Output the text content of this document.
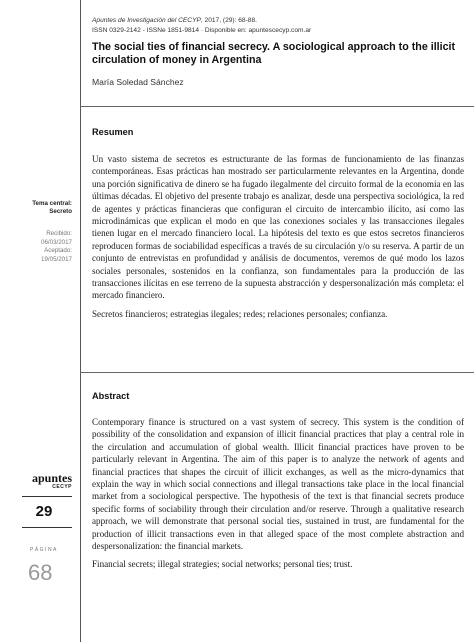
Apuntes de Investigación del CECYP, 2017, (29): 68-88.
ISSN 0329-2142 - ISSNe 1851-9814 · Disponible en: apuntescecyp.com.ar
The social ties of financial secrecy. A sociological approach to the illicit circulation of money in Argentina
María Soledad Sánchez
Resumen

Un vasto sistema de secretos es estructurante de las formas de funcionamiento de las finanzas contemporáneas. Esas prácticas han mostrado ser particularmente relevantes en la Argentina, donde una porción significativa de dinero se ha fugado ilegalmente del circuito formal de la economía en las últimas décadas. El objetivo del presente trabajo es analizar, desde una perspectiva sociológica, la red de agentes y prácticas financieras que configuran el circuito de intercambio ilícito, así como las microdinámicas que explican el modo en que las conexiones sociales y las transacciones ilegales tienen lugar en el mercado financiero local. La hipótesis del texto es que estos secretos financieros reproducen formas de sociabilidad específicas a través de su circulación y/o su reserva. A partir de un conjunto de entrevistas en profundidad y análisis de documentos, veremos de qué modo los lazos sociales personales, sostenidos en la confianza, son fundamentales para la producción de las transacciones ilícitas en ese terreno de la supuesta abstracción y despersonalización más completa: el mercado financiero.

Secretos financieros; estrategias ilegales; redes; relaciones personales; confianza.

Tema central:
Secreto
Recibido:
06/03/2017
Aceptado:
19/05/2017
Abstract

Contemporary finance is structured on a vast system of secrecy. This system is the condition of possibility of the consolidation and expansion of illicit financial practices that play a central role in the circulation and accumulation of global wealth. Illicit financial practices have proven to be particularly relevant in Argentina. The aim of this paper is to analyze the network of agents and financial practices that shapes the circuit of illicit exchanges, as well as the micro-dynamics that explain the way in which social connections and illegal transactions take place in the local financial market from a sociological perspective. The hypothesis of the text is that financial secrets produce specific forms of sociability through their circulation and/or reserve. Through a qualitative research approach, we will demonstrate that personal social ties, sustained in trust, are fundamental for the production of illicit transactions even in that alleged space of the most complete abstraction and despersonalization: the financial markets.

Financial secrets; illegal strategies; social networks; personal ties; trust.

apuntes
CECYP
29
PÁGINA
68
